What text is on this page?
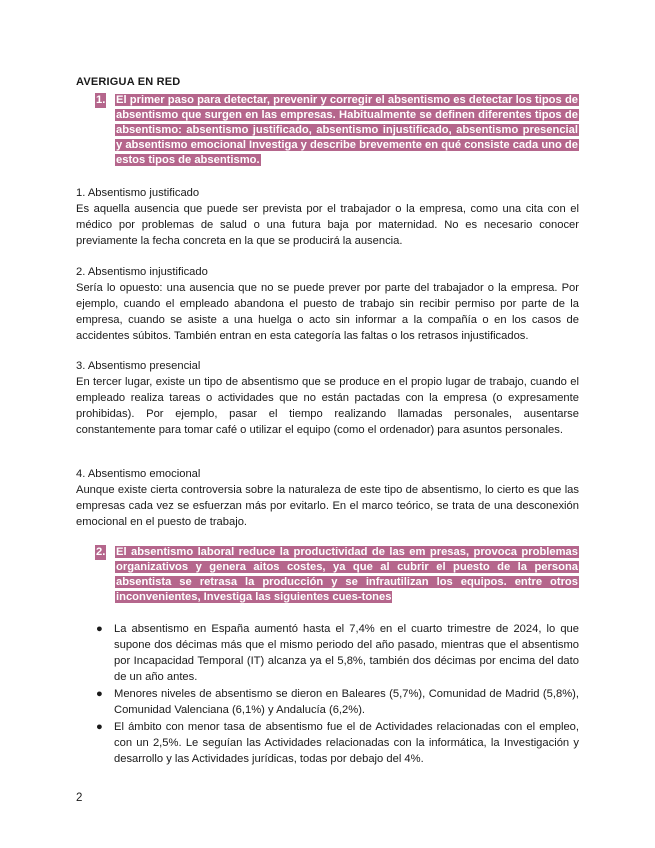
AVERIGUA EN RED
1. El primer paso para detectar, prevenir y corregir el absentismo es detectar los tipos de absentismo que surgen en las empresas. Habitualmente se definen diferentes tipos de absentismo: absentismo justificado, absentismo injustificado, absentismo presencial y absentismo emocional Investiga y describe brevemente en qué consiste cada uno de estos tipos de absentismo.
1. Absentismo justificado
Es aquella ausencia que puede ser prevista por el trabajador o la empresa, como una cita con el médico por problemas de salud o una futura baja por maternidad. No es necesario conocer previamente la fecha concreta en la que se producirá la ausencia.
2. Absentismo injustificado
Sería lo opuesto: una ausencia que no se puede prever por parte del trabajador o la empresa. Por ejemplo, cuando el empleado abandona el puesto de trabajo sin recibir permiso por parte de la empresa, cuando se asiste a una huelga o acto sin informar a la compañía o en los casos de accidentes súbitos. También entran en esta categoría las faltas o los retrasos injustificados.
3. Absentismo presencial
En tercer lugar, existe un tipo de absentismo que se produce en el propio lugar de trabajo, cuando el empleado realiza tareas o actividades que no están pactadas con la empresa (o expresamente prohibidas). Por ejemplo, pasar el tiempo realizando llamadas personales, ausentarse constantemente para tomar café o utilizar el equipo (como el ordenador) para asuntos personales.
4. Absentismo emocional
Aunque existe cierta controversia sobre la naturaleza de este tipo de absentismo, lo cierto es que las empresas cada vez se esfuerzan más por evitarlo. En el marco teórico, se trata de una desconexión emocional en el puesto de trabajo.
2. El absentismo laboral reduce la productividad de las em presas, provoca problemas organizativos y genera aitos costes, ya que al cubrir el puesto de la persona absentista se retrasa la producción y se infrautilizan los equipos. entre otros inconvenientes, Investiga las siguientes cues-tones
● La absentismo en España aumentó hasta el 7,4% en el cuarto trimestre de 2024, lo que supone dos décimas más que el mismo periodo del año pasado, mientras que el absentismo por Incapacidad Temporal (IT) alcanza ya el 5,8%, también dos décimas por encima del dato de un año antes.
● Menores niveles de absentismo se dieron en Baleares (5,7%), Comunidad de Madrid (5,8%), Comunidad Valenciana (6,1%) y Andalucía (6,2%).
● El ámbito con menor tasa de absentismo fue el de Actividades relacionadas con el empleo, con un 2,5%. Le seguían las Actividades relacionadas con la informática, la Investigación y desarrollo y las Actividades jurídicas, todas por debajo del 4%.
2
